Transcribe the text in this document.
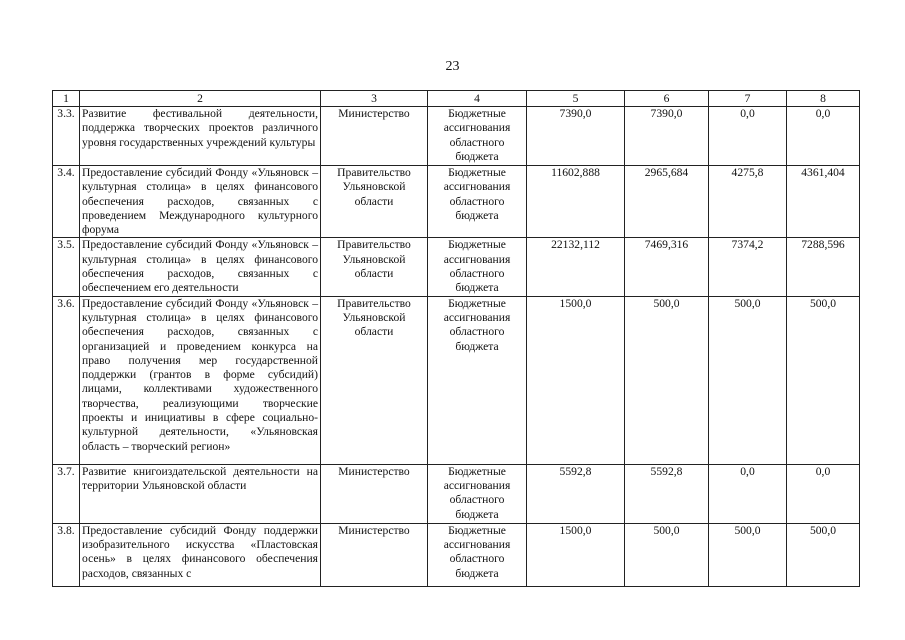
23
1	2	3	4	5	6	7	8
3.3.	Развитие фестивальной деятельности, поддержка творческих проектов различного уровня государственных учреждений культуры	Министерство	Бюджетные ассигнования областного бюджета	7390,0	7390,0	0,0	0,0
3.4.	Предоставление субсидий Фонду «Ульяновск – культурная столица» в целях финансового обеспечения расходов, связанных с проведением Международного культурного форума	Правительство Ульяновской области	Бюджетные ассигнования областного бюджета	11602,888	2965,684	4275,8	4361,404
3.5.	Предоставление субсидий Фонду «Ульяновск – культурная столица» в целях финансового обеспечения расходов, связанных с обеспечением его деятельности	Правительство Ульяновской области	Бюджетные ассигнования областного бюджета	22132,112	7469,316	7374,2	7288,596
3.6.	Предоставление субсидий Фонду «Ульяновск – культурная столица» в целях финансового обеспечения расходов, связанных с организацией и проведением конкурса на право получения мер государственной поддержки (грантов в форме субсидий) лицами, коллективами художественного творчества, реализующими творческие проекты и инициативы в сфере социально-культурной деятельности, «Ульяновская область – творческий регион»	Правительство Ульяновской области	Бюджетные ассигнования областного бюджета	1500,0	500,0	500,0	500,0
3.7.	Развитие книгоиздательской деятельности на территории Ульяновской области	Министерство	Бюджетные ассигнования областного бюджета	5592,8	5592,8	0,0	0,0
3.8.	Предоставление субсидий Фонду поддержки изобразительного искусства «Пластовская осень» в целях финансового обеспечения расходов, связанных с	Министерство	Бюджетные ассигнования областного бюджета	1500,0	500,0	500,0	500,0
